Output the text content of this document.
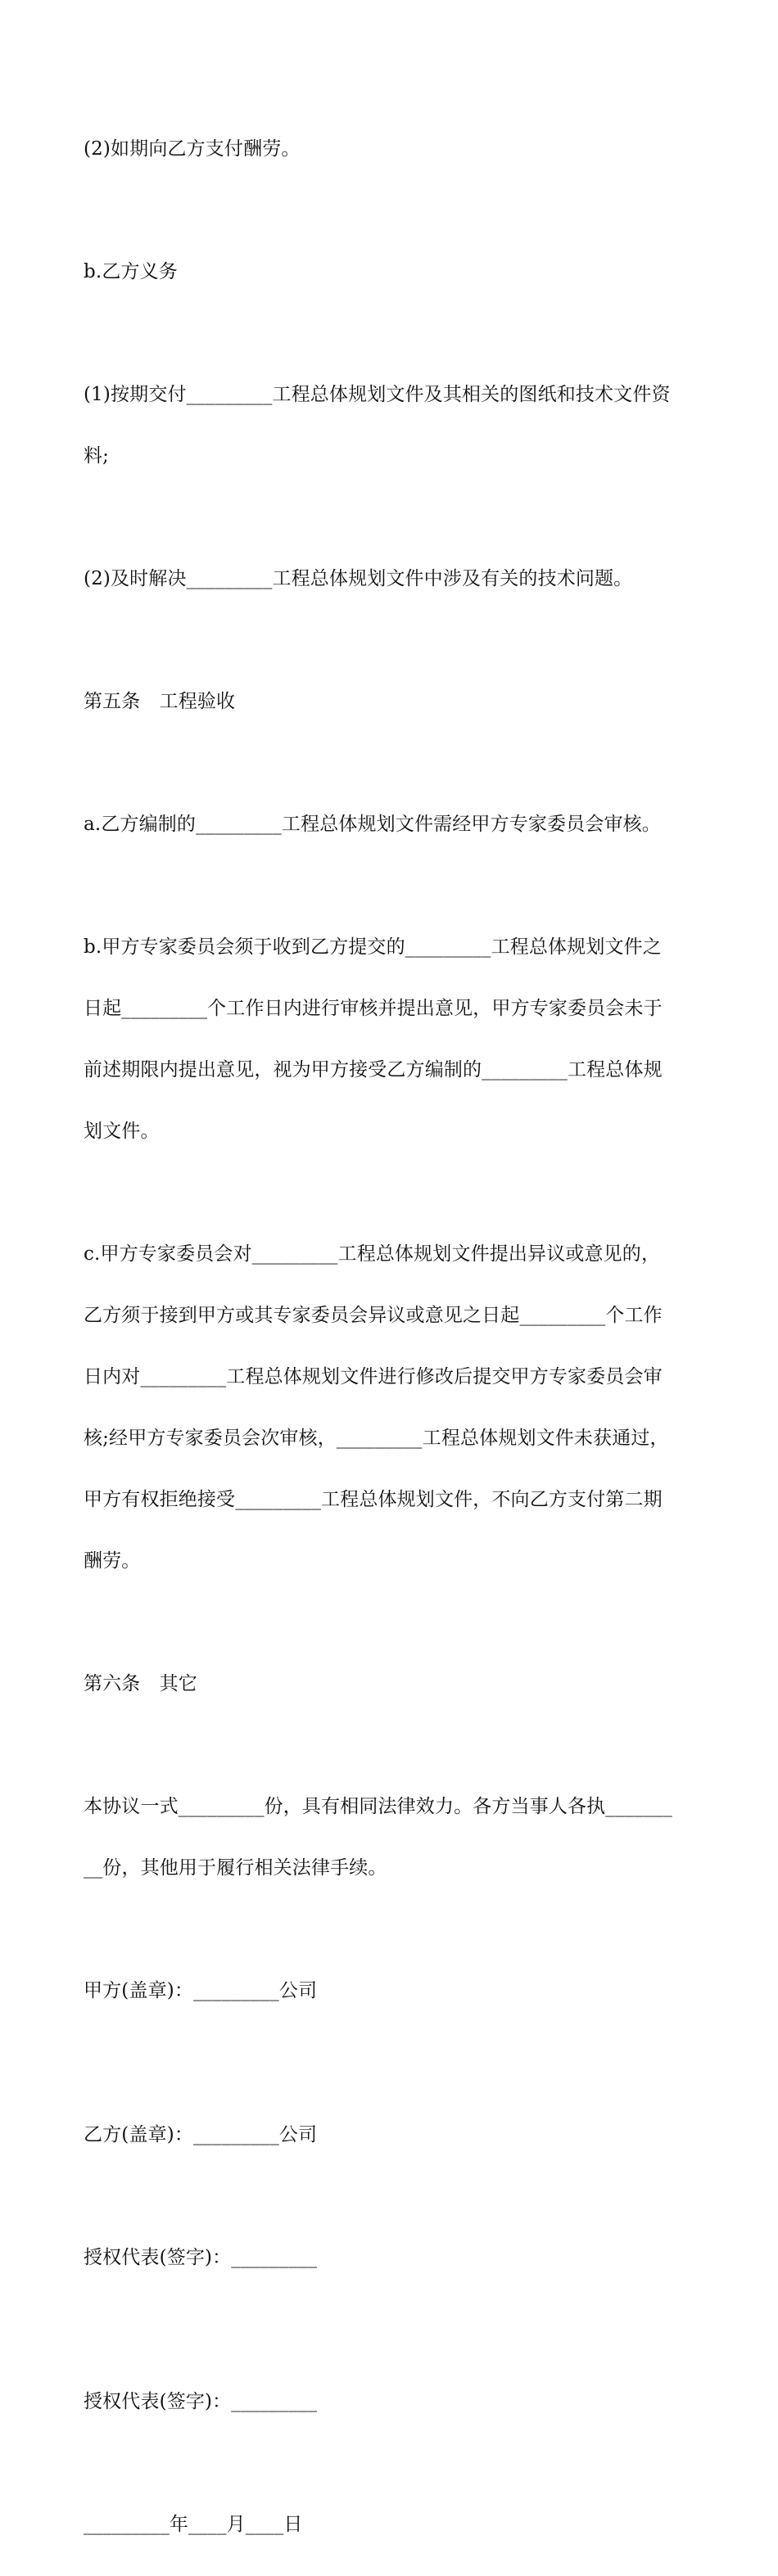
(2)如期向乙方支付酬劳。

b.乙方义务

(1)按期交付_________工程总体规划文件及其相关的图纸和技术文件资

料;

(2)及时解决_________工程总体规划文件中涉及有关的技术问题。

第五条　工程验收

a.乙方编制的_________工程总体规划文件需经甲方专家委员会审核。

b.甲方专家委员会须于收到乙方提交的_________工程总体规划文件之

日起_________个工作日内进行审核并提出意见，甲方专家委员会未于

前述期限内提出意见，视为甲方接受乙方编制的_________工程总体规

划文件。

c.甲方专家委员会对_________工程总体规划文件提出异议或意见的，

乙方须于接到甲方或其专家委员会异议或意见之日起_________个工作

日内对_________工程总体规划文件进行修改后提交甲方专家委员会审

核;经甲方专家委员会次审核，_________工程总体规划文件未获通过，

甲方有权拒绝接受_________工程总体规划文件，不向乙方支付第二期

酬劳。

第六条　其它

本协议一式_________份，具有相同法律效力。各方当事人各执_______

__份，其他用于履行相关法律手续。

甲方(盖章)：_________公司

乙方(盖章)：_________公司

授权代表(签字)：_________

授权代表(签字)：_________

_________年____月____日
